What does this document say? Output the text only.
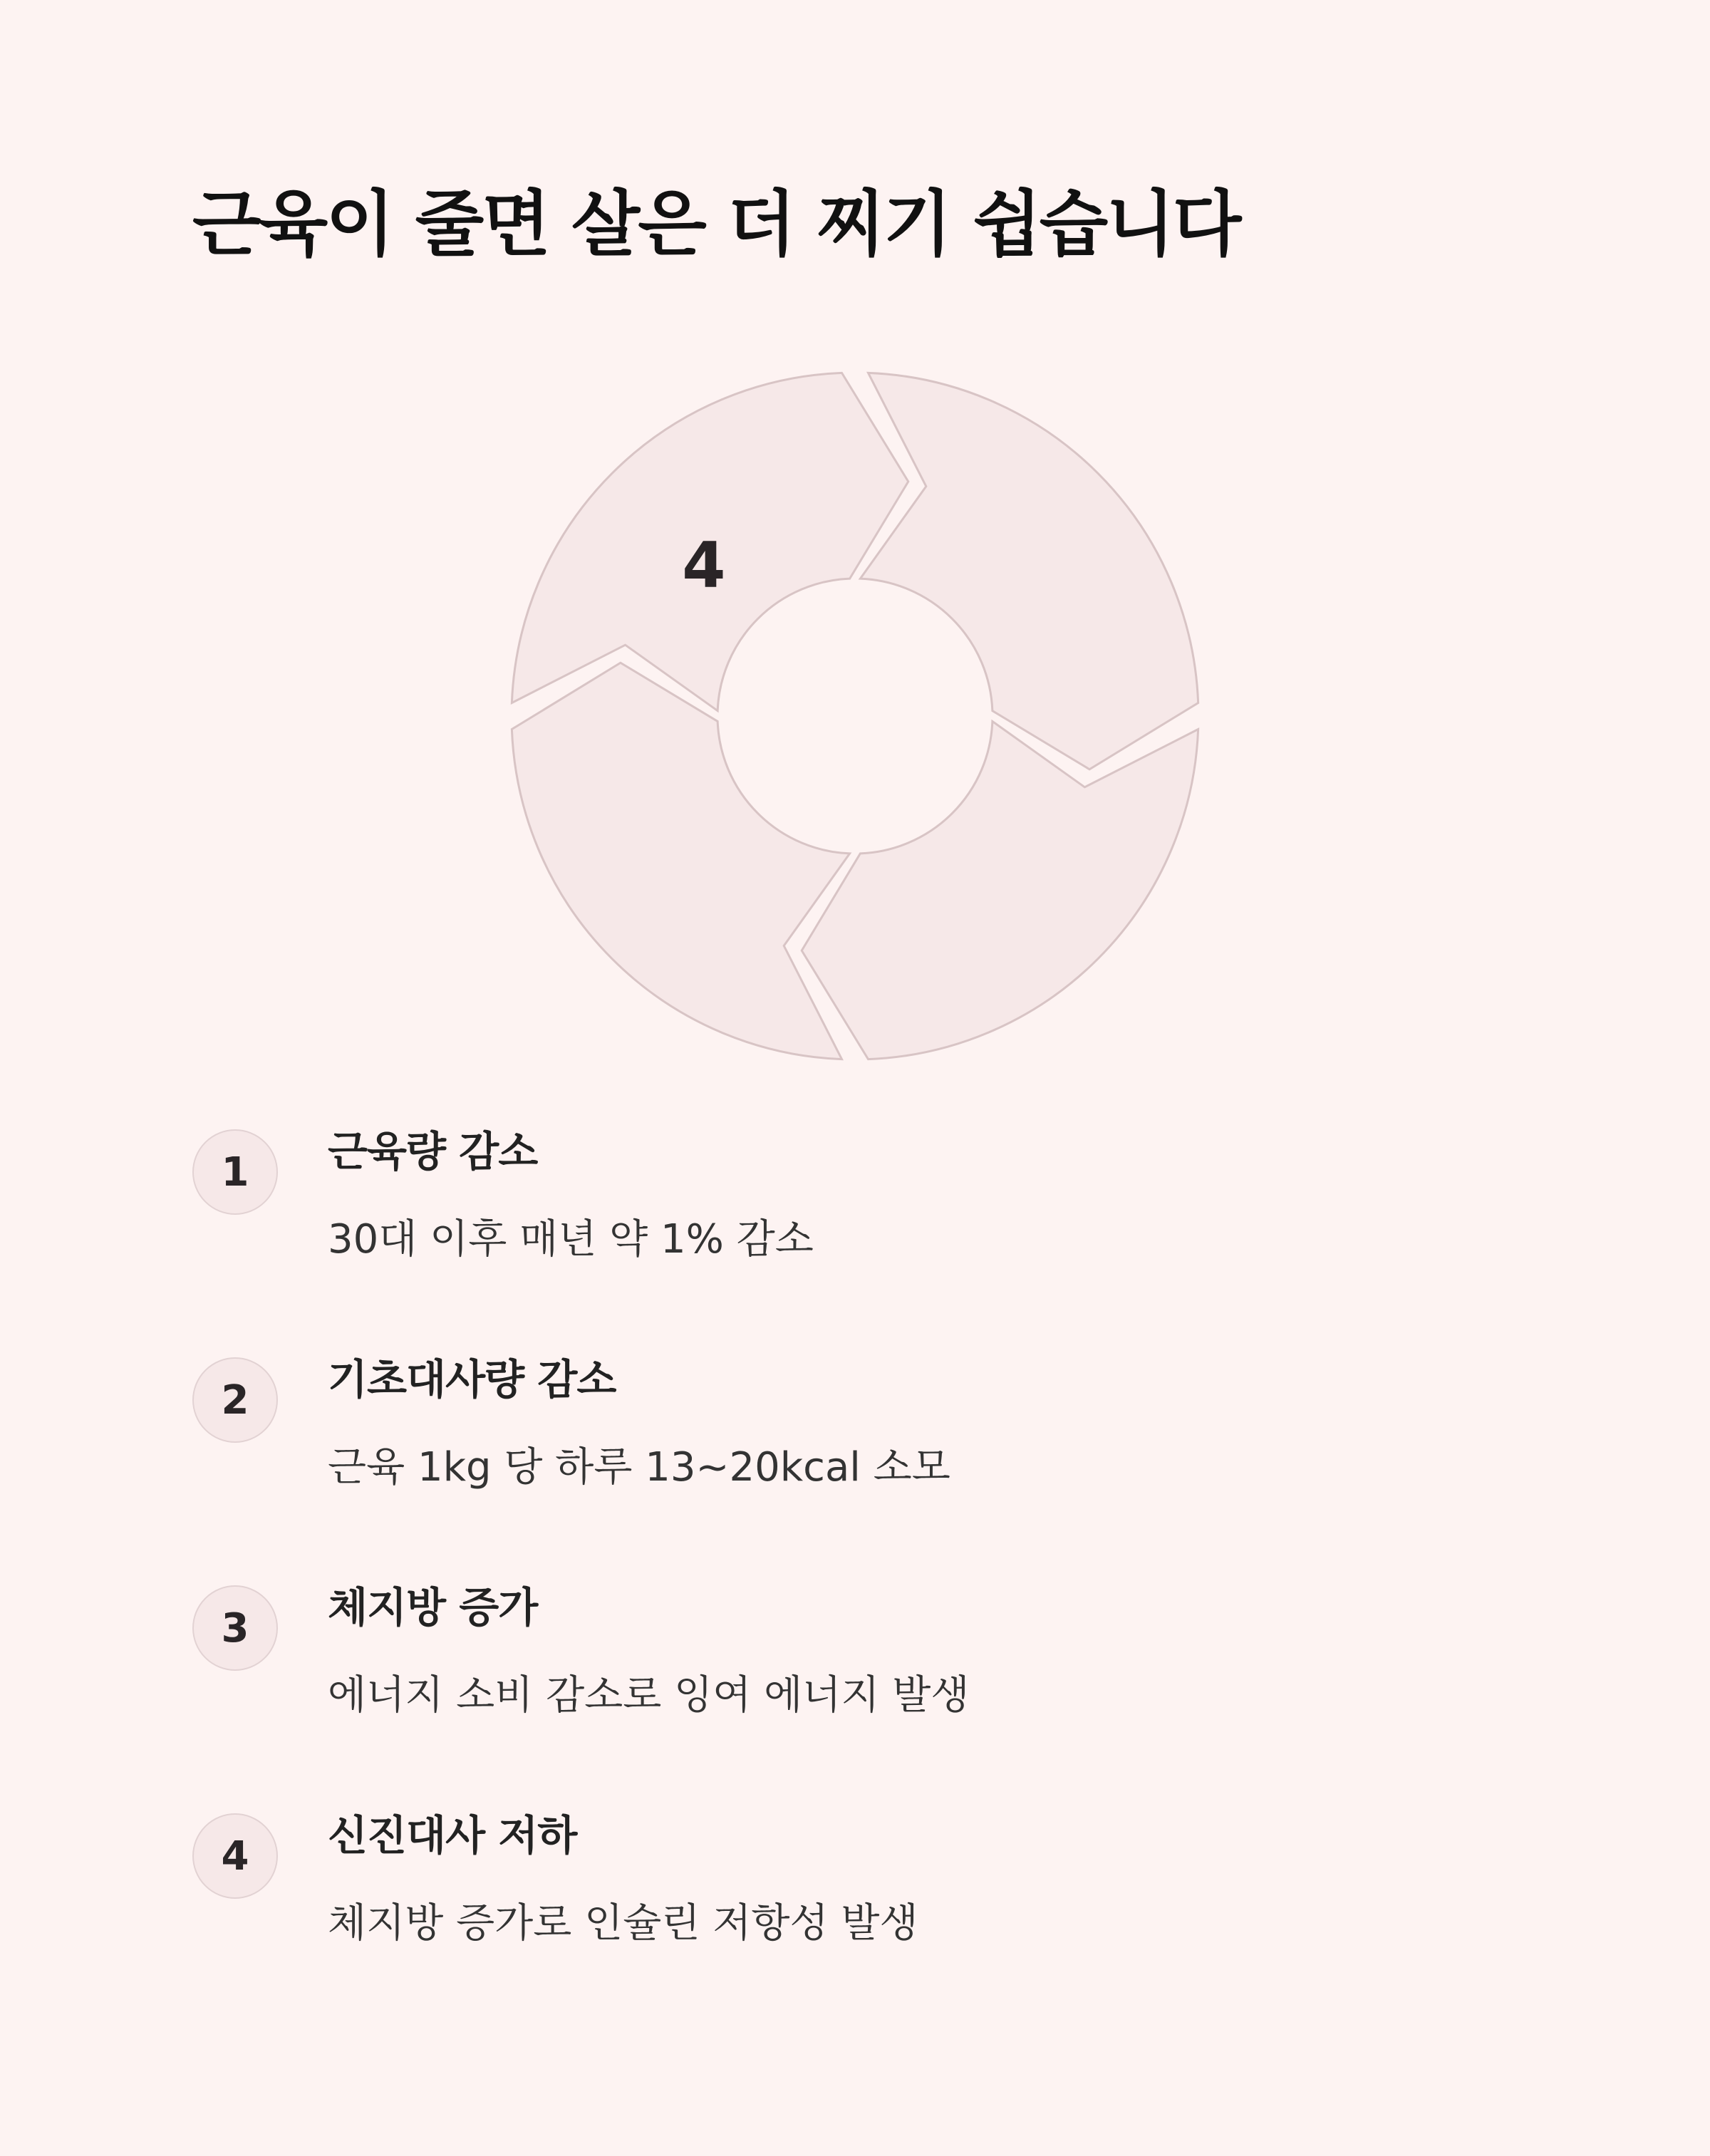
근육이 줄면 살은 더 찌기 쉽습니다
4
1	근육량 감소
30대 이후 매년 약 1% 감소
2	기초대사량 감소
근육 1kg 당 하루 13~20kcal 소모
3	체지방 증가
에너지 소비 감소로 잉여 에너지 발생
4	신진대사 저하
체지방 증가로 인슐린 저항성 발생
